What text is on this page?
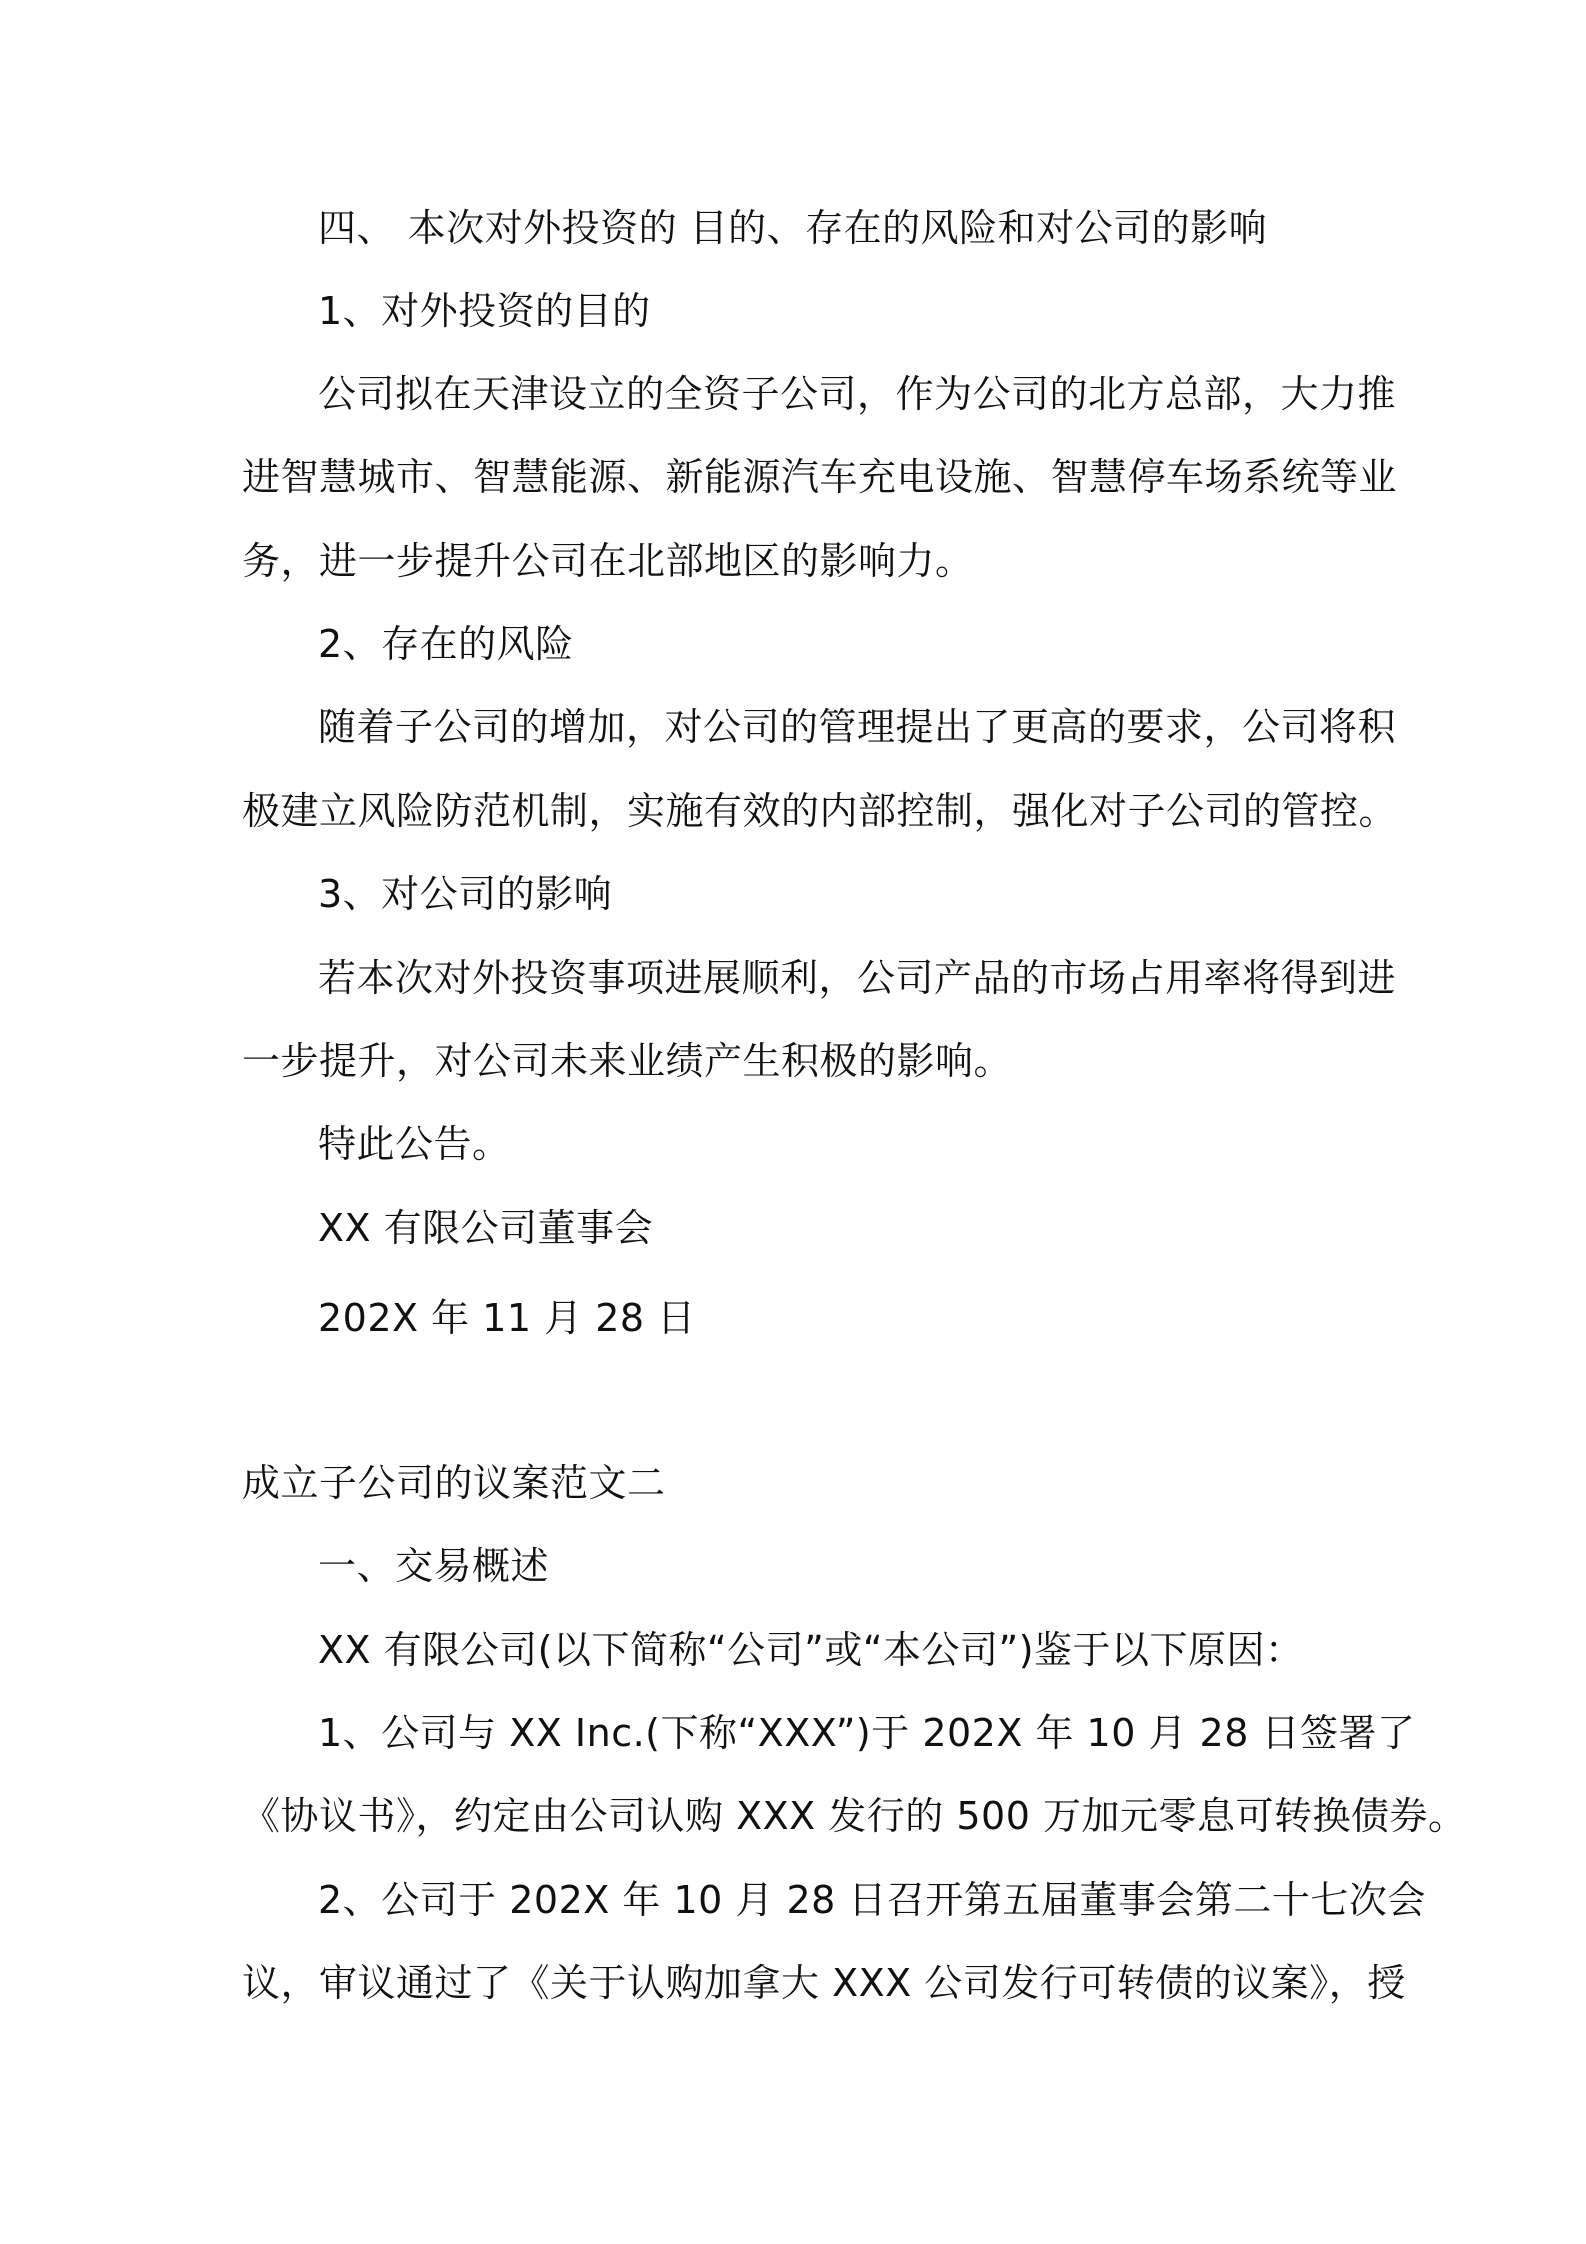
四、 本次对外投资的 目的、存在的风险和对公司的影响
1、对外投资的目的
公司拟在天津设立的全资子公司，作为公司的北方总部，大力推
进智慧城市、智慧能源、新能源汽车充电设施、智慧停车场系统等业
务，进一步提升公司在北部地区的影响力。
2、存在的风险
随着子公司的增加，对公司的管理提出了更高的要求，公司将积
极建立风险防范机制，实施有效的内部控制，强化对子公司的管控。
3、对公司的影响
若本次对外投资事项进展顺利，公司产品的市场占用率将得到进
一步提升，对公司未来业绩产生积极的影响。
特此公告。
XX 有限公司董事会
202X 年 11 月 28 日
成立子公司的议案范文二
一、交易概述
XX 有限公司(以下简称“公司”或“本公司”)鉴于以下原因：
1、公司与 XX Inc.(下称“XXX”)于 202X 年 10 月 28 日签署了
《协议书》，约定由公司认购 XXX 发行的 500 万加元零息可转换债券。
2、公司于 202X 年 10 月 28 日召开第五届董事会第二十七次会
议，审议通过了《关于认购加拿大 XXX 公司发行可转债的议案》，授
